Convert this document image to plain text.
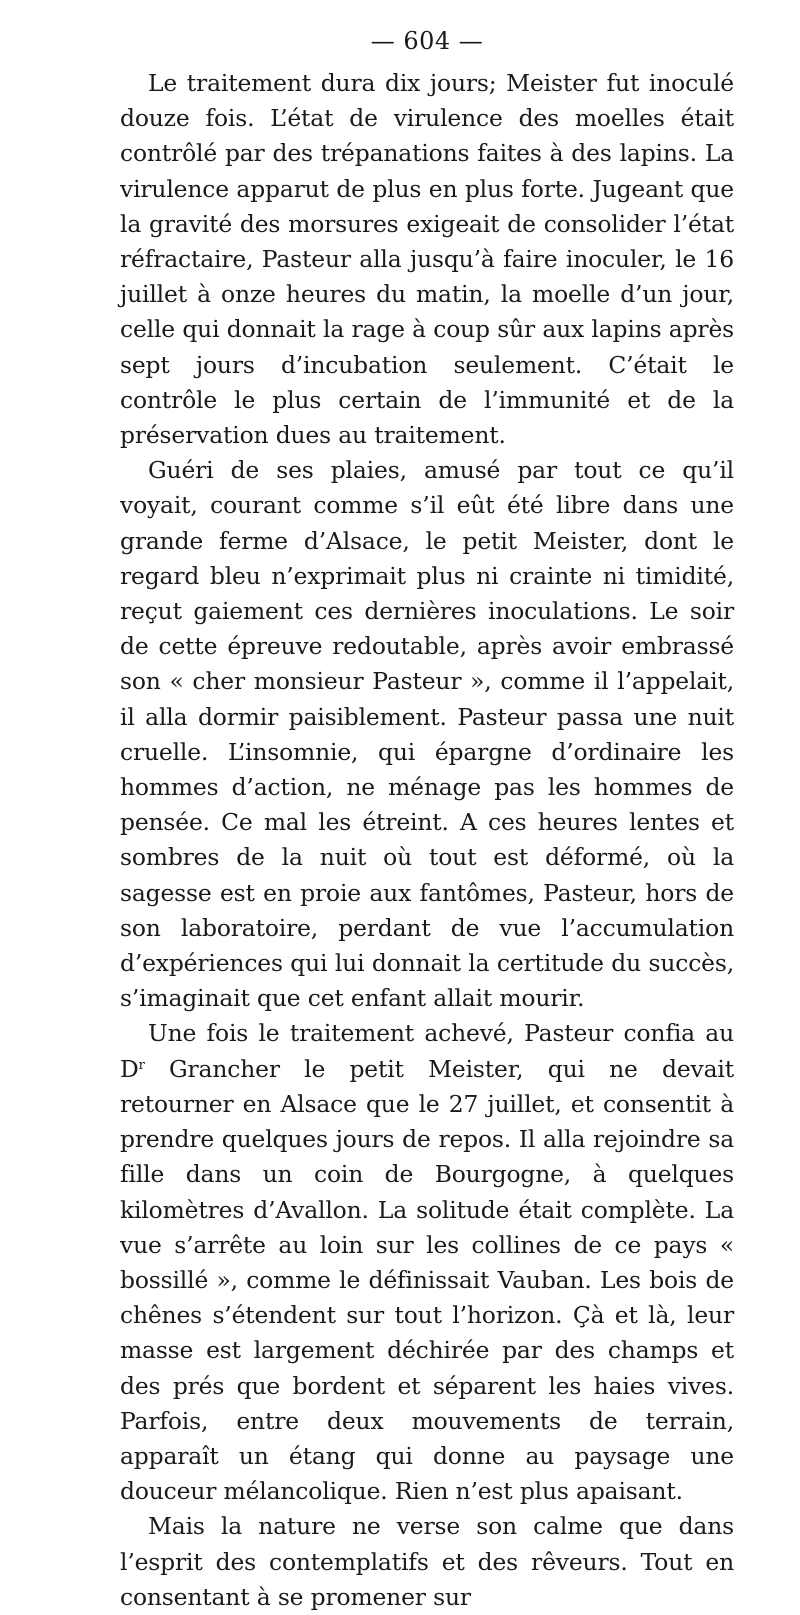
— 604 —

Le traitement dura dix jours; Meister fut inoculé douze fois. L’état de virulence des moelles était contrôlé par des trépanations faites à des lapins. La virulence apparut de plus en plus forte. Jugeant que la gravité des morsures exigeait de consolider l’état réfractaire, Pasteur alla jusqu’à faire inoculer, le 16 juillet à onze heures du matin, la moelle d’un jour, celle qui donnait la rage à coup sûr aux lapins après sept jours d’incubation seulement. C’était le contrôle le plus certain de l’immunité et de la préservation dues au traitement.

Guéri de ses plaies, amusé par tout ce qu’il voyait, courant comme s’il eût été libre dans une grande ferme d’Alsace, le petit Meister, dont le regard bleu n’exprimait plus ni crainte ni timidité, reçut gaiement ces dernières inoculations. Le soir de cette épreuve redoutable, après avoir embrassé son « cher monsieur Pasteur », comme il l’appelait, il alla dormir paisiblement. Pasteur passa une nuit cruelle. L’insomnie, qui épargne d’ordinaire les hommes d’action, ne ménage pas les hommes de pensée. Ce mal les étreint. A ces heures lentes et sombres de la nuit où tout est déformé, où la sagesse est en proie aux fantômes, Pasteur, hors de son laboratoire, perdant de vue l’accumulation d’expériences qui lui donnait la certitude du succès, s’imaginait que cet enfant allait mourir.

Une fois le traitement achevé, Pasteur confia au $D^r$ Grancher le petit Meister, qui ne devait retourner en Alsace que le 27 juillet, et consentit à prendre quelques jours de repos. Il alla rejoindre sa fille dans un coin de Bourgogne, à quelques kilomètres d’Avallon. La solitude était complète. La vue s’arrête au loin sur les collines de ce pays « bossillé », comme le définissait Vauban. Les bois de chênes s’étendent sur tout l’horizon. Çà et là, leur masse est largement déchirée par des champs et des prés que bordent et séparent les haies vives. Parfois, entre deux mouvements de terrain, apparaît un étang qui donne au paysage une douceur mélancolique. Rien n’est plus apaisant.

Mais la nature ne verse son calme que dans l’esprit des contemplatifs et des rêveurs. Tout en consentant à se promener sur
